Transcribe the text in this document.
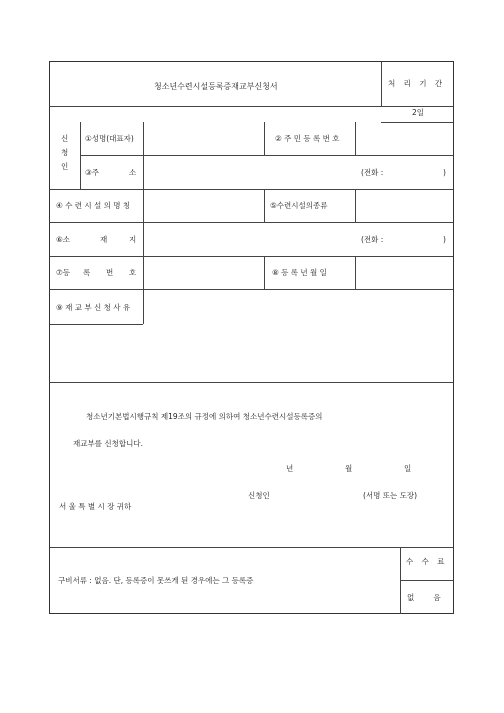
청소년수련시설등록증재교부신청서	처 리 기 간
2일
신
청
인
①성명(대표자)	② 주 민 등 록 번 호
③주	소	(전화 :	)
④ 수 련 시 설 의 명 칭	⑤수련시설의종류
⑥소	재	지	(전화 :	)
⑦등 록 번 호	⑧ 등 록 년 월 일
⑨ 재 교 부 신 청 사 유
청소년기본법시행규칙 제19조의 규정에 의하여 청소년수련시설등록증의
재교부를 신청합니다.
년	월	일
신청인	(서명 또는 도장)
서 울 특 별 시 장 귀하
구비서류 : 없음. 단, 등록증이 못쓰게 된 경우에는 그 등록증
수 수 료
없        음
